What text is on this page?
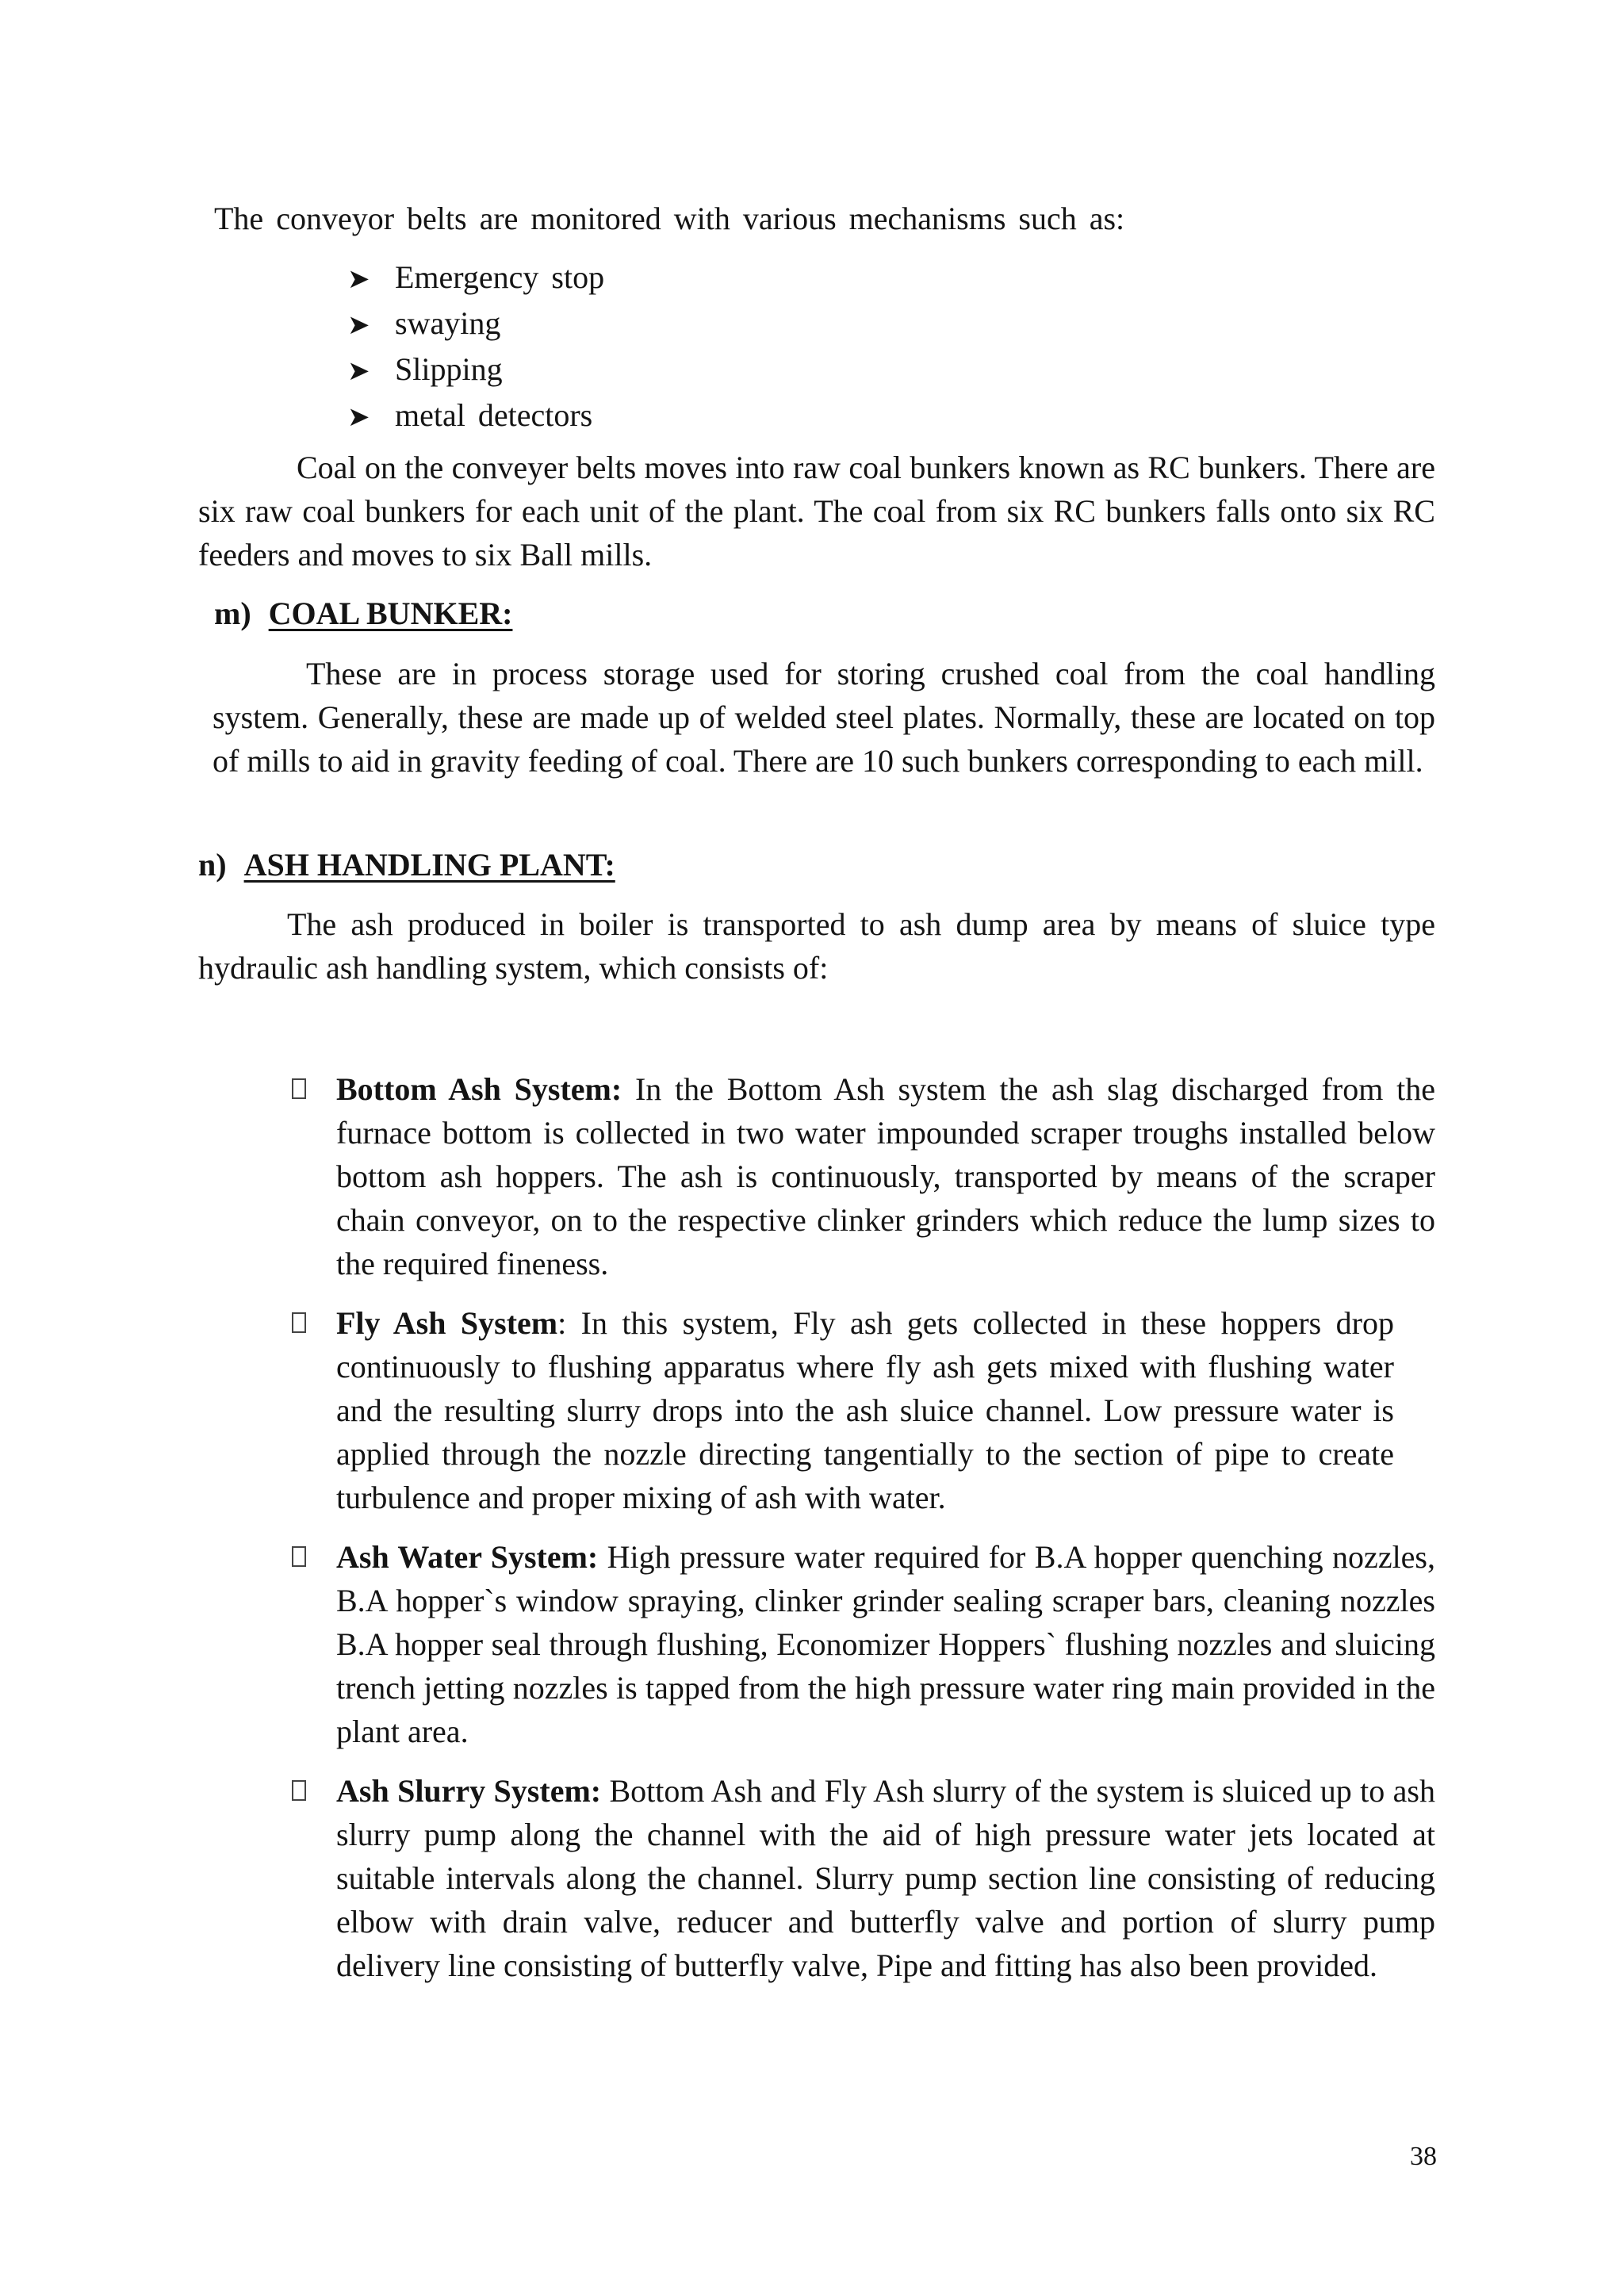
The conveyor belts are monitored with various mechanisms such as:

➤ Emergency stop
➤ swaying
➤ Slipping
➤ metal detectors

Coal on the conveyer belts moves into raw coal bunkers known as RC bunkers. There are six raw coal bunkers for each unit of the plant. The coal from six RC bunkers falls onto six RC feeders and moves to six Ball mills.

m) COAL BUNKER:

These are in process storage used for storing crushed coal from the coal handling system. Generally, these are made up of welded steel plates. Normally, these are located on top of mills to aid in gravity feeding of coal. There are 10 such bunkers corresponding to each mill.

n) ASH HANDLING PLANT:

The ash produced in boiler is transported to ash dump area by means of sluice type hydraulic ash handling system, which consists of:

Bottom Ash System: In the Bottom Ash system the ash slag discharged from the furnace bottom is collected in two water impounded scraper troughs installed below bottom ash hoppers. The ash is continuously, transported by means of the scraper chain conveyor, on to the respective clinker grinders which reduce the lump sizes to the required fineness.
Fly Ash System: In this system, Fly ash gets collected in these hoppers drop continuously to flushing apparatus where fly ash gets mixed with flushing water and the resulting slurry drops into the ash sluice channel. Low pressure water is applied through the nozzle directing tangentially to the section of pipe to create turbulence and proper mixing of ash with water.
Ash Water System: High pressure water required for B.A hopper quenching nozzles, B.A hopper`s window spraying, clinker grinder sealing scraper bars, cleaning nozzles B.A hopper seal through flushing, Economizer Hoppers` flushing nozzles and sluicing trench jetting nozzles is tapped from the high pressure water ring main provided in the plant area.
Ash Slurry System: Bottom Ash and Fly Ash slurry of the system is sluiced up to ash slurry pump along the channel with the aid of high pressure water jets located at suitable intervals along the channel. Slurry pump section line consisting of reducing elbow with drain valve, reducer and butterfly valve and portion of slurry pump delivery line consisting of butterfly valve, Pipe and fitting has also been provided.
38
